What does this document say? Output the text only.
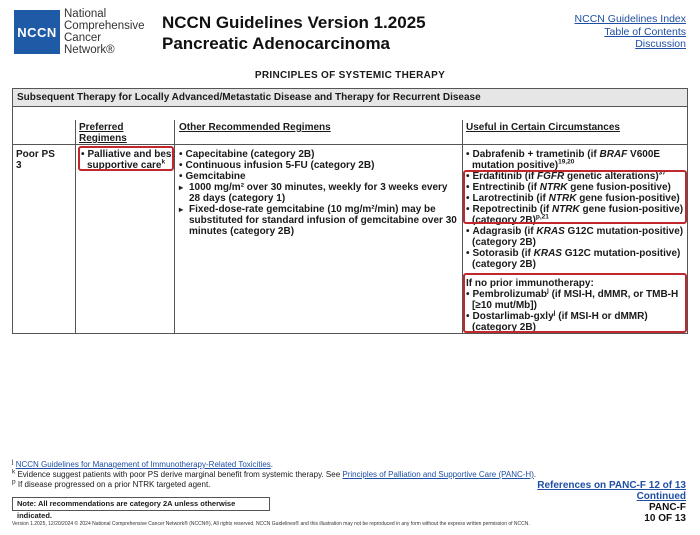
NCCN
National
Comprehensive
Cancer
Network®
NCCN Guidelines Version 1.2025
Pancreatic Adenocarcinoma
NCCN Guidelines Index
Table of Contents
Discussion
PRINCIPLES OF SYSTEMIC THERAPY
Subsequent Therapy for Locally Advanced/Metastatic Disease and Therapy for Recurrent Disease
Preferred
Regimens
Other Recommended Regimens	Useful in Certain Circumstances
Poor PS
3
• Palliative and best
supportive care$^k$
• Capecitabine (category 2B)
• Continuous infusion 5-FU (category 2B)
• Gemcitabine
▸ 1000 mg/m² over 30 minutes, weekly for 3 weeks every
28 days (category 1)
▸ Fixed-dose-rate gemcitabine (10 mg/m²/min) may be
substituted for standard infusion of gemcitabine over 30
minutes (category 2B)
• Dabrafenib + trametinib (if BRAF V600E
mutation positive)$^{19,20}$
• Erdafitinib (if FGFR genetic alterations)$^{37}$
• Entrectinib (if NTRK gene fusion-positive)
• Larotrectinib (if NTRK gene fusion-positive)
• Repotrectinib (if NTRK gene fusion-positive)
(category 2B)$^{p,21}$
• Adagrasib (if KRAS G12C mutation-positive)
(category 2B)
• Sotorasib (if KRAS G12C mutation-positive)
(category 2B)
If no prior immunotherapy:
• Pembrolizumab$^j$ (if MSI-H, dMMR, or TMB-H
[≥10 mut/Mb])
• Dostarlimab-gxly$^j$ (if MSI-H or dMMR)
(category 2B)
$^j$ NCCN Guidelines for Management of Immunotherapy-Related Toxicities.
$^k$ Evidence suggest patients with poor PS derive marginal benefit from systemic therapy. See Principles of Palliation and Supportive Care (PANC-H).
$^p$ If disease progressed on a prior NTRK targeted agent.
Note: All recommendations are category 2A unless otherwise indicated.
References on PANC-F 12 of 13
Continued
PANC-F
10 OF 13
Version 1.2025, 12/20/2024 © 2024 National Comprehensive Cancer Network® (NCCN®), All rights reserved. NCCN Guidelines® and this illustration may not be reproduced in any form without the express written permission of NCCN.
